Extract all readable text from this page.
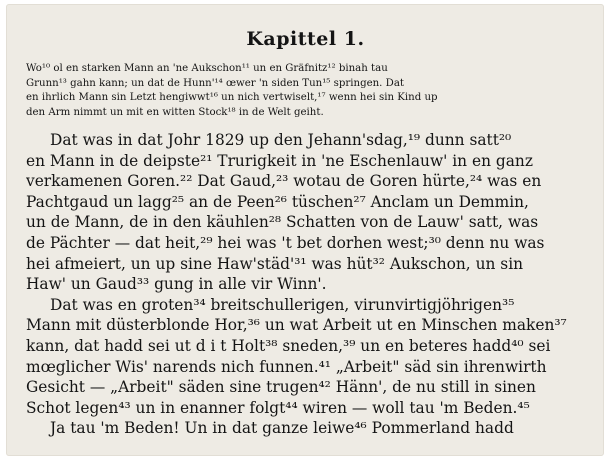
Kapittel 1.
Wo¹⁰ ol en starken Mann an 'ne Aukschon¹¹ un en Gräfnitz¹² binah tau
Grunn¹³ gahn kann; un dat de Hunn'¹⁴ œwer 'n siden Tun¹⁵ springen. Dat
en ihrlich Mann sin Letzt hengiwwt¹⁶ un nich vertwiselt,¹⁷ wenn hei sin Kind up
den Arm nimmt un mit en witten Stock¹⁸ in de Welt geiht.
Dat was in dat Johr 1829 up den Jehann'sdag,¹⁹ dunn satt²⁰
en Mann in de deipste²¹ Trurigkeit in 'ne Eschenlauw' in en ganz
verkamenen Goren.²² Dat Gaud,²³ wotau de Goren hürte,²⁴ was en
Pachtgaud un lagg²⁵ an de Peen²⁶ tüschen²⁷ Anclam un Demmin,
un de Mann, de in den käuhlen²⁸ Schatten von de Lauw' satt, was
de Pächter — dat heit,²⁹ hei was 't bet dorhen west;³⁰ denn nu was
hei afmeiert, un up sine Haw'städ'³¹ was hüt³² Aukschon, un sin
Haw' un Gaud³³ gung in alle vir Winn'.
Dat was en groten³⁴ breitschullerigen, virunvirtigjöhrigen³⁵
Mann mit düsterblonde Hor,³⁶ un wat Arbeit ut en Minschen maken³⁷
kann, dat hadd sei ut d i t Holt³⁸ sneden,³⁹ un en beteres hadd⁴⁰ sei
mœglicher Wis' narends nich funnen.⁴¹ „Arbeit" säd sin ihrenwirth
Gesicht — „Arbeit" säden sine trugen⁴² Hänn', de nu still in sinen
Schot legen⁴³ un in enanner folgt⁴⁴ wiren — woll tau 'm Beden.⁴⁵
Ja tau 'm Beden! Un in dat ganze leiwe⁴⁶ Pommerland hadd
